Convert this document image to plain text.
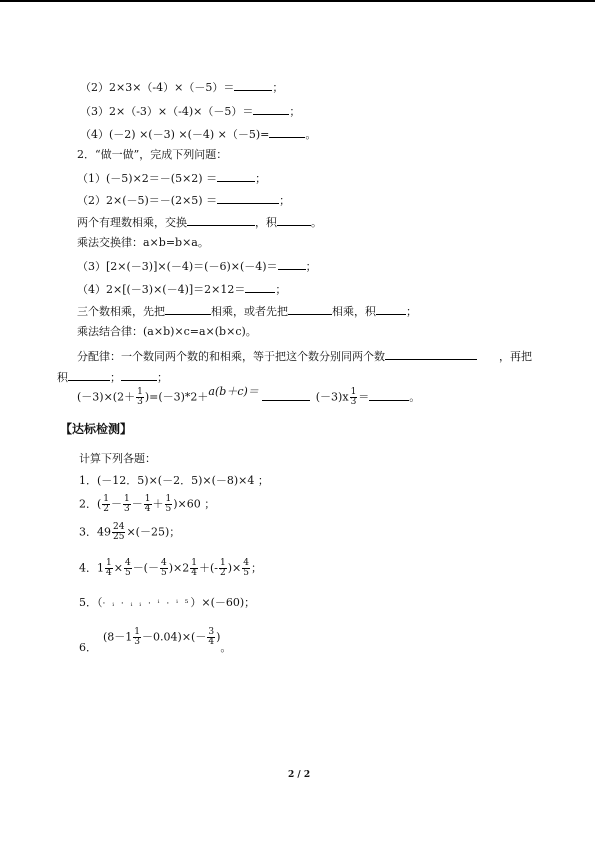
（2）2×3×（-4）×（－5）＝	；
（3）2×（-3）×（-4)×（－5）＝	；
（4）(－2) ×(－3) ×(－4) ×（－5)=	。
2．“做一做”，完成下列问题：
（1）(－5)×2＝－(5×2) ＝	；
（2）2×(－5)＝－(2×5) ＝	；
两个有理数相乘，交换	，积	。
乘法交换律：a×b=b×a。
（3）[2×(－3)]×(－4)＝(－6)×(－4)＝	；
（4）2×[(－3)×(－4)]＝2×12＝	；
三个数相乘，先把	相乘，或者先把	相乘，积	；
乘法结合律：(a×b)×c=a×(b×c)。
分配律：一个数同两个数的和相乘，等于把这个数分别同两个数	，再把
积	；	；
$(-3)\times(2+ \frac{1}{3} )=(-3)*2+a(b+c)=$	$(-3)x \frac{1}{3}$ ＝	。
【达标检测】
计算下列各题：
1．(－12．5)×(－2．5)×(－8)×4 ；
2．( $\frac{1}{2} - \frac{1}{3} - \frac{1}{4} + \frac{1}{5} )\times 60$ ；
3．$49 \frac{24}{25} \times(-25)$；
4．$1 \frac{1}{4} \times \frac{4}{5}$ －(－ $\frac{4}{5} )\times 2 \frac{1}{4}$ ＋(- $\frac{1}{2}$ )× $\frac{4}{5}$ ；
5．（· ᵢ · ᵢ ᵢ · ⁱ · ⁱ ⁵）×(－60)；
6．$(8-1 \frac{1}{3} -0.04)\times(- \frac{3}{4}$ )。
2 / 2
